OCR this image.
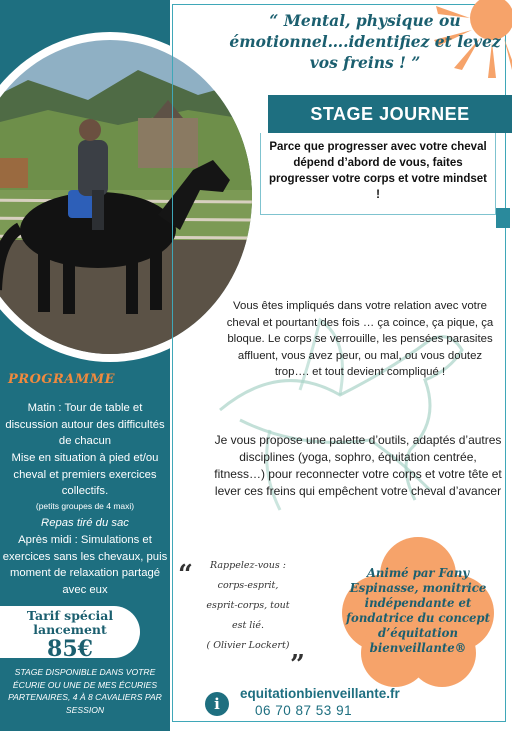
“ Mental, physique ou émotionnel….identifiez et levez vos freins ! ”
STAGE JOURNEE
Parce que progresser avec votre cheval dépend d’abord de vous, faites progresser votre corps et votre mindset !
Vous êtes impliqués dans votre relation avec votre cheval et pourtant des fois … ça coince, ça pique, ça bloque. Le corps se verrouille, les pensées parasites affluent, vous avez peur, ou mal, ou vous doutez trop…. et tout devient compliqué !
Je vous propose une palette d’outils, adaptés d’autres disciplines (yoga, sophro, équitation centrée, fitness…) pour reconnecter votre corps et votre tête et lever ces freins qui empêchent votre cheval d’avancer
PROGRAMME
Matin : Tour de table et discussion autour des difficultés de chacun
Mise en situation à pied et/ou cheval et premiers exercices collectifs.
(petits groupes de 4 maxi)
Repas tiré du sac
Après midi : Simulations et exercices sans les chevaux, puis moment de relaxation partagé avec eux
Tarif spécial lancement
85€
STAGE DISPONIBLE DANS VOTRE ÉCURIE OU UNE DE MES ÉCURIES PARTENAIRES, 4 À 8 CAVALIERS PAR SESSION
“	Rappelez-vous :
corps-esprit,
esprit-corps, tout
est lié.
( Olivier Lockert)
”
Animé par Fany Espinasse, monitrice indépendante et fondatrice du concept d’équitation bienveillante®
i
equitationbienveillante.fr
06 70 87 53 91
